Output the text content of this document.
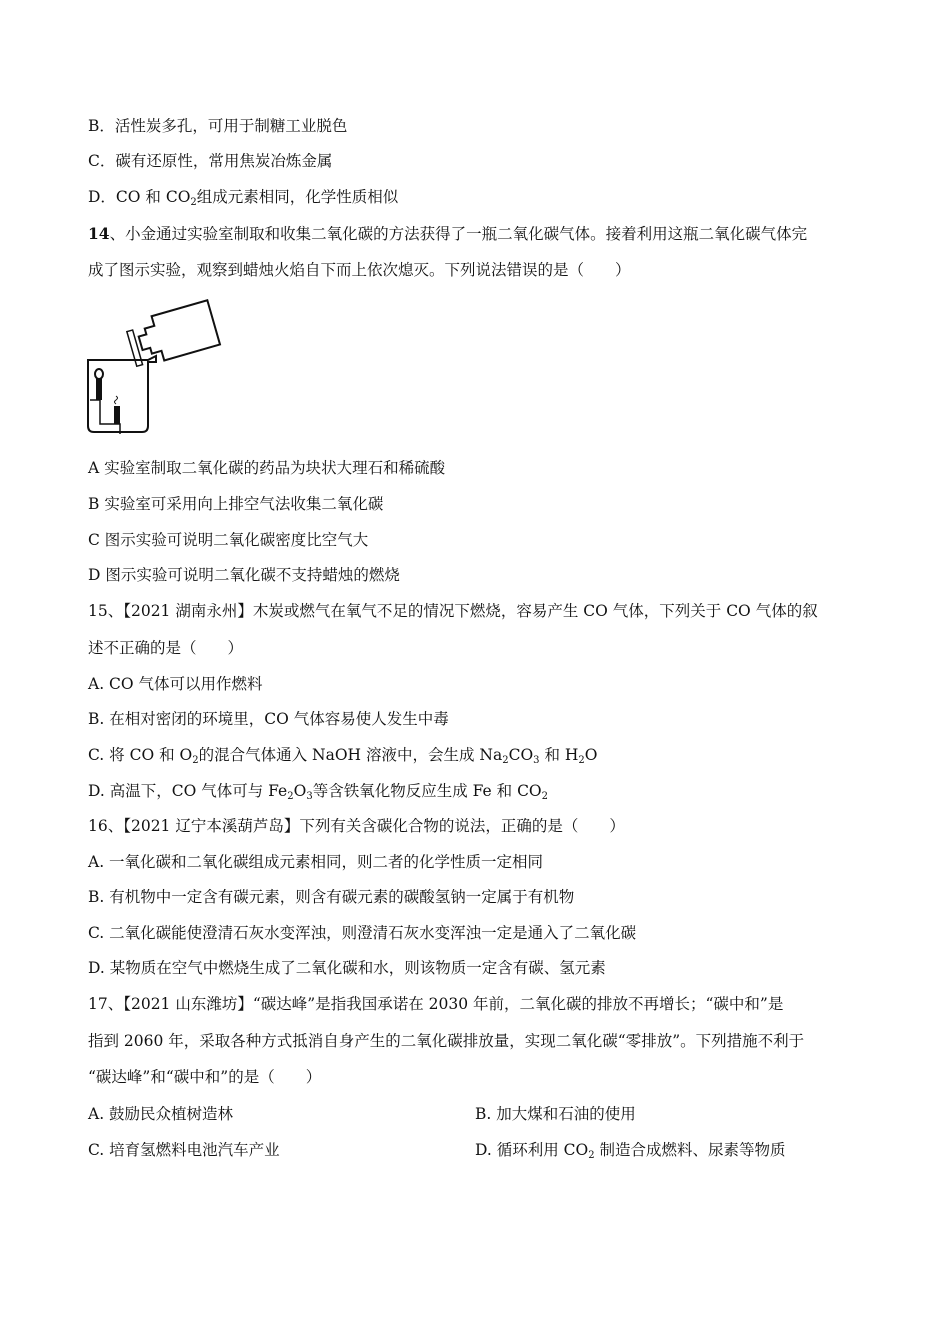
B．活性炭多孔，可用于制糖工业脱色
C．碳有还原性，常用焦炭冶炼金属
D．CO 和 $CO_2$组成元素相同，化学性质相似
14、小金通过实验室制取和收集二氧化碳的方法获得了一瓶二氧化碳气体。接着利用这瓶二氧化碳气体完
成了图示实验，观察到蜡烛火焰自下而上依次熄灭。下列说法错误的是（　　）
A 实验室制取二氧化碳的药品为块状大理石和稀硫酸
B 实验室可采用向上排空气法收集二氧化碳
C 图示实验可说明二氧化碳密度比空气大
D 图示实验可说明二氧化碳不支持蜡烛的燃烧
15、【2021 湖南永州】木炭或燃气在氧气不足的情况下燃烧，容易产生 CO 气体，下列关于 CO 气体的叙
述不正确的是（　　）
A. CO 气体可以用作燃料
B. 在相对密闭的环境里，CO 气体容易使人发生中毒
C. 将 CO 和 $O_2$的混合气体通入 NaOH 溶液中，会生成 $Na_2CO_3$ 和 $H_2O$
D. 高温下，CO 气体可与 $Fe_2O_3$等含铁氧化物反应生成 Fe 和 $CO_2$
16、【2021 辽宁本溪葫芦岛】下列有关含碳化合物的说法，正确的是（　　）
A. 一氧化碳和二氧化碳组成元素相同，则二者的化学性质一定相同
B. 有机物中一定含有碳元素，则含有碳元素的碳酸氢钠一定属于有机物
C. 二氧化碳能使澄清石灰水变浑浊，则澄清石灰水变浑浊一定是通入了二氧化碳
D. 某物质在空气中燃烧生成了二氧化碳和水，则该物质一定含有碳、氢元素
17、【2021 山东潍坊】“碳达峰”是指我国承诺在 2030 年前，二氧化碳的排放不再增长；“碳中和”是
指到 2060 年，采取各种方式抵消自身产生的二氧化碳排放量，实现二氧化碳“零排放”。下列措施不利于
“碳达峰”和“碳中和”的是（　　）
A. 鼓励民众植树造林	B. 加大煤和石油的使用
C. 培育氢燃料电池汽车产业	D. 循环利用 $CO_2$ 制造合成燃料、尿素等物质
